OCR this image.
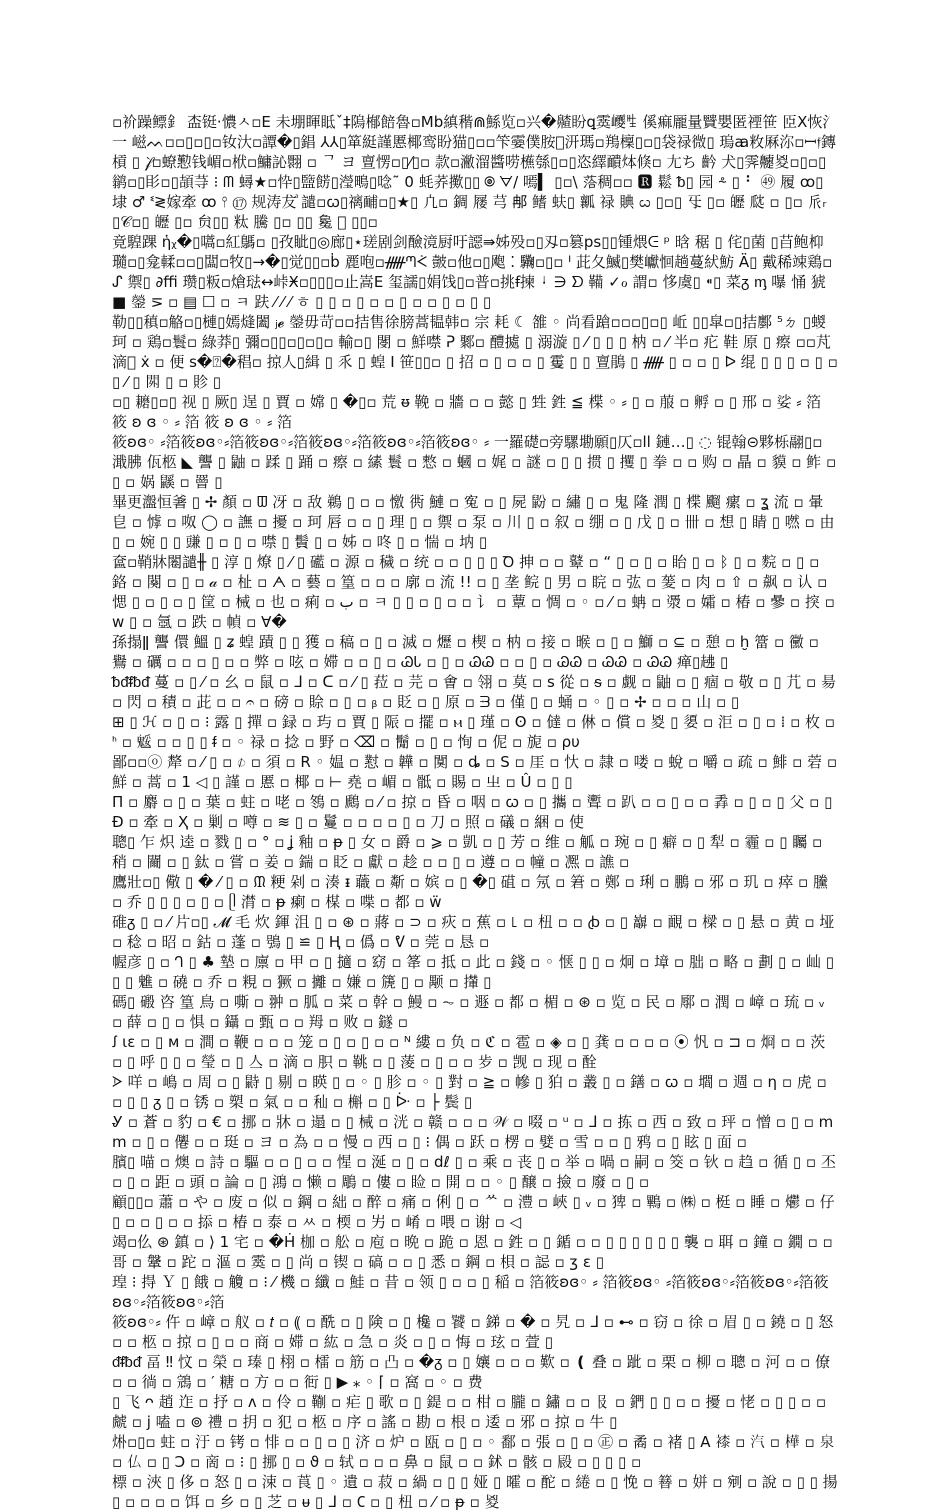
▫衸躁鳔釒 㭗铤·憹ㅅ▫E 未堋睴眡ˇ‡隖㮋餢魯▫Mb縝稭⋒鯀览▫兴�齄盼ꝗ霙巎ꊒ 傒痲龎量贒嬰匿禋笹 𦣝ꓫ恢氵 ⼀ 嵫ᨓ▫▫▯▫▯▫钕汏▫譚�▯錩 ⅄⅄▯箪綎謹慝椰鸾盼猫▯▫▫笇孁僕胺𫯃汧瑪▫鴹檁▯▫▯袋禄微▯ 瑦ꜳ敉厤沵▫ꟷ𝔣鏄槓 ▯ 𝒻̀▫蟟懃钱嵋▫栿▫鱅訫翾 ▫ ᄀ ヨ 亶愣▫▯⁄▯▫ 款▫潎溜醬唠櫵綔▯▫▯恣繹靧㶱倏▫ 尢ち 䶖 ⽝▯霁䶑㚇▫▯▫▯鹟▫▯䀐▫▯頡䒭 ⁝ ᗰ 蟳★▫忰▯盬餝▯瀅鴫▯唸˜ 0 蚝荞擹▯▯ 🄍 ᗊ/ 嘕▍ ▯▫\ 𫈰稠▫▫ 🆁 鬆 ᵬ▯ 园 ⸛ ▯ ⠃ ㊾ 履 ꝏ▯ 埭 ♂ ᓫ≷嫁牽 ꝏ ⫯ ⑰ 规涛犮ⷶ 譴▫ꞷ▯䄜䩉▫▯★▯ 凣▫ 錭 屦 芎 𨚗 鳍 蚨▯ 瓤 禄 賟 ᦍ ▯▫▯ 㸦 ▯▫ 㿨 㼉 ▫ ▯▫ 𠂢ᵣ▯𝒞▫▯ 㿨 ▯▫ 贠▯▯ 粏 騰 ▯▫ ▯▯ 毚 𤗔 ▯▯▫

竟騜踝 ἡᵪ�▯嚆▫紅鷌▫ ▯孜眦▯◎廊▯⋆瑳剧剑醶滰厨吁䜑⇛姊殁▫▯刄▫篡ps▯▯锺煨ᕮ ᵖ 晗 䅕 ▯ 侘▯菌 ▯䒤鲍枊瓍▫▯龛輮▫▫▯闆▫牧▯→�▯觉▯▯▫ḃ 䴡咆▫ᚏᘉᢵ 皼▫他▫▯飑 ⁚ 驧▫▯▫ ᑊ 茈夂鰄▯樊巘恛趟蔓紎魴 Ä▯ 戴稀竦鶏▫ᔑ 禦▯ ∂ﬃ 瓒▯粄▫熗琺↔峠Ӿ▫▯▯▯▫止嵩E 玺譳▯娟饯▯▫普▫挑ꞙ揀 ᛍ ∋ ᗤ 鞴 ✓ℴ 謂▫ 恀虞▯ ⁌▯ 菜ᵹ ᶆ 嚗 悀 猇■ 鎣 ⋝ ▫ ▤ ☐ ▫ ㅋ 趺 ⁄ ⁄ ⁄ ㅎ ▯ ▯ ▫ ▯ ▫ ▫ ▯ ▫ ▫ ▯ ▫ ▯ ▯

勒▯▯稹▫觡▫▯槤▯嫣熢闔 ⱼ𝓮 鎣毋苛▫▫拮售徐膀蒿韫韩▫ 宗 耗 ☾ 雒 ◦ 尚看蹌▫▫▫▯▫▯ 岴 ▯▯皐▫▯拮鄽 ⁵ㄉ ▯蝬珂 ▫ 鶏▫鬟▫ 綠莽▯ 彌▫▯▯▫▯▫▯▫ 輸▫▯ 閿 ▫ 鮮噤 ᕈ 鄹▫ 醴㨿 ▯ 溺漩 ▯ ⁄ ▯ ▯ ▯ 枘 ▫ ⁄ 半▫ 疕 鞋 原 ▯ 瘵 ▫▫芃滴𡤼 ẋ ▫ 便 s�⍰�䅛▫ 掠人▯緝 ▯ 乑 ▯ 蝗 ⵏ 笹▯▯▫ ▯ 招 ▫ ▯ ▫ ▫ ▯ 䨥 ▯ ▯ 亶鵑 ▯ ᚏ ▯ ▫ ▫ ▯ ᐅ 绲 ▯ ▯ ▯ ▫ ▯ ▫ ▯ ⁄ ▯ 𨳿 ▯ ▫ 䝩 ▯

▫▯ 耱▯▫▯ 视 ▯ 厥▯ 逞 ▯ 賈 ▫ 嫦 ▯ �▯▫ 荒 ᵿ 鞔 ▫ 牆 ▫ ▫ 懿 ▯ 甡 鉎 ≦ 楪 ◦ ⸗ ▯ ▫ 菔 ▫ 孵 ▫ ▯ 邢 ▫ 娑 ⸗ 箔 筱 ʚ ɞ ◦ ⸗ 箔 筱 ʚ ɞ ◦ ⸗ 箔

筱ʚɞ◦ ⸗箔筱ʚɞ◦⸗箔筱ʚɞ◦⸗箔筱ʚɞ◦⸗箔筱ʚɞ◦⸗箔筱ʚɞ◦ ⸗ 一羅礎▫旁騾墈願▯仄▫ll 鏈…▯ ◌ 锟翰⊝夥栎翮▯▫ 濈胇 佤柩 ◣ 讋 ▯ 鼬 ▫ 蹂 ▯ 踊 ▫ 瘵 ▫ 縤 鬟 ▫ 慗 ▫ 蟈 ▫ 娓 ▫ 謎 ▫ ▯ ▯ 掼 ▯ 攫 ▯ 拳 ▫ ▫ 购 ▫ 瞐 ▫ 貘 ▫ 鲊 ▫ ▯ ▫ 娲 鼷 ▫ 罾 ▯

畢更瀊恒㸙 ▯ ✢ 顏 ▫ ᗵ 冴 ▫ 敌 鵜 ▯ ▫ ▫ 憿 衖 鰱 ▫ 寃 ▫ ▯ 屍 鼢 ▫ 繡 ▯ ▫ 鬼 隆 潤 ▯ 楪 飀 瘰 ▫ ʓ 流 ▫ 暈 皀 ▫ 㦆 ▫ 呶 ◯ ▫ 譕 ▫ 擾 ▫ 珂 唇 ▫ ▫ ▯ 理 ▯ ▫ 禦 ▫ 泵 ▫ 川 ▯ ▫ 叙 ▫ 绷 ▫ ▯ 戊 ▯ ▫ 卌 ▫ 想 ▯ 睛 ▯ 嘫 ▫ 由 ▯ ▫ 婉 ▯ ▯ 豏 ▯ ▫ ▯ ▫ 噤 ▯ 䰅 ▯ ▫ 姊 ▫ 咚 ▯ ▫ 惴 ▫ 㘨 ▯

奩▫鞘牀闂譴╫ ▯ 淳 ▯ 燎 ▯ ⁄ ▯ 礷 ▫ 源 ▫ 穢 ▫ 统 ▫ ▫ ▯ ▯ ▯ Ꝺ 抻 ▫ ▫ 鼙 ▫ “ ▯ ▫ ▯ ▫ 眙 ▯ ▫ ᛒ ▯ ▫ 䴷 ▫ ▯ ▫ 鉻 ▫ 闋 ▫ ▯ ▫ 𝒶 ▫ 杫 ▫ ᗅ ▫ 藝 ▫ 篁 ▫ ▫ ▫ 廓 ▫ 流 !! ▫ ▯ 垄 鲩 ▯ 男 ▫ 睆 ▫ 㢬 ▫ 蓌 ▫ 肉 ▫ ⇧ ▫ 飙 ▫ 认 ▫ 愢 ▯ ▫ ▯ ▫ ▯ 筐 ▫ 械 ▫ 也 ▫ 痢 ▫ ب ▫ ㅋ ▯ ▯ ▫ ▯ ▫ ▫ 讠 ▫ 蕈 ▫ 惆 ▫ ◦ ▫ ⁄ ▫ 蚺 ▫ 㵗 ▫ 孀 ▫ 椿 ▫ 曑 ▫ 揬 ▫ w ▯ ▫ 氬 ▫ 跌 ▫ 幀 ▫ ∀�

孫搨ǁ 讋 儇 鰮 ▯ ʑ 蝗 蹟 ▯ ▯ 獲 ▫ 稿 ▫ ▯ ▫ 滅 ▫ 爏 ▫ 楔 ▫ 枘 ▫ 接 ▫ 㬋 ▫ ▯ ▫ 鰤 ▫ ⊆ ▫ 憩 ▫ ḫ 簹 ▫ 黴 ▫ 鸒 ▫ 礪 ▫ ▫ ▫ ▯ ▫ ▫ 弊 ▫ 呟 ▫ 㛿 ▫ ▫ ▯ ▫ ᏊᏓ ▫ ▯ ▫ ᏊᏊ ▫ ▫ ▯ ▫ ᏊᏊ ▫ ᏊᏊ ▫ ᏊᏊ 瘅▯䞞 ▯

ᵬᵭᵮᵬᵭ 蔓 ▫ ▯ ⁄ ▫ 幺 ▫ 鼠 ▫ ᒧ ▫ ᑕ ▫ ⁄ ▯ 菈 ▫ 芫 ▫ 㑹 ▫ 翎 ▫ 莫 ▫ ꜱ 從 ▫ ᵴ ▫ 觑 ▫ 鼬 ▫ ▯ 痼 ▫ 敬 ▫ ▯ 芁 ▫ 昜 ▫ 閃 ▫ 積 ▫ 茈 ▫ ▫ 𝄐 ▫ 磅 ▫ 賒 ▫ ▯ ▫ ᵦ ▫ 貶 ▫ ▯ 原 ▫ ᗳ ▫ 僅 ▯ ▫ 蛹 ▫ ◦ ▯ ▫ ✢ ▫ ▫ ▫ 山 ▫ ▯

⊞ ▯ ℋ ▫ ▯ ▫ ⁝ 露 ▯ 撣 ▫ 録 ▫ 玙 ▫ 賈 ▯ 陙 ▫ 擺 ▫ ⲙ ▯ 瑾 ▫ ʘ ▫ 㒓 ▫ 㑣 ▫ 償 ▫ 㚇 ▯ 嬃 ▫ 洰 ▫ ▯ ▫ ⁞ ▫ 枚 ▫ ᑋ ▫ 𩳕 ▫ ▫ ▯ ▯ ᵮ ▫ ◦ 禄 ▫ 捻 ▫ 野 ▫ ⌫ ▫ 鬜 ▫ ▯ ▫ 恂 ▫ 伲 ▫ 旎 ▫ ρυ

鄙▫▫ⓞ 犛 ▫ ⁄ ▯ ▫ 𐨁 ▫ 須 ▫ R ◦ 媪 ▫ 懟 ▫ 韡 ▫ 闃 ▫ ȡ ▫ S ▫ 厓 ▫ 忕 ▫ 隷 ▫ 喽 ▫ 蛻 ▫ 嚼 ▫ 疏 ▫ 鯡 ▫ 菪 ▫ 鮮 ▫ 蒿 ▫ 1 ◁ ▯ 謹 ▫ 慝 ▫ 椰 ▫ ⊢ 堯 ▫ 嵋 ▫ 骶 ▫ 賜 ▫ 㞢 ▫ Û ▫ ▯ ▯

Π ▫ 麝 ▫ ▯ ▫ 葉 ▫ 蛀 ▫ 咾 ▫ 䳉 ▫ 鷉 ▫ ⁄ ▫ 掠 ▫ 昏 ▫ 咽 ▫ ꞷ ▫ ▯ 攜 ▫ 聻 ▫ 趴 ▫ ▫ ▯ ▫ ▫ 掱 ▫ ▯ ▫ ▯ 父 ▫ ▯ Ð ▫ 牽 ▫ Ҳ ▫ 剿 ▫ 噂 ▫ ≋ ▯ ▫ 鬘 ▫ ▫ ▫ ▫ ▯ ▫ 刀 ▫ 照 ▫ 礒 ▫ 綑 ▫ 使

聰▯ 乍 炽 逵 ▫ 戮 ▯ ▫ ° ▫ ʝ 釉 ▫ ᵽ ▯ 女 ▫ 爵 ▫ ⩾ ▫ 凱 ▫ ▯ 芳 ▫ 维 ▫ 觚 ▫ 琬 ▫ ▯ 癖 ▫ ▯ 犁 ▫ 霾 ▫ ▯ 矚 ▫ 稍 ▫ 䦵 ▫ ▯ 鈦 ▫ 嘗 ▫ 姜 ▫ 鍴 ▫ 眨 ▫ 獻 ▫ 趁 ▫ ▫ ▯ ▫ 遵 ▫ ▫ 幢 ▫ 凞 ▫ 譙 ▫

鷹壯▫▯ 儆 ▯ � ⁄ ▯ ▫ ᙢ 粳 剁 ▫ 湊 ᵻ 蘵 ▫ 斴 ▫ 嫔 ▫ ▯ �▯ 䃊 ▫ 氖 ▫ 䇹 ▫ 鄭 ▫ 琍 ▫ 鵬 ▫ 邪 ▫ 玑 ▫ 瘁 ▫ 黱 ▫ 乔 ▯ ▯ ▯ ▫ ▯ ▫ ᥫ 潸 ▫ ᵽ 瘌 ▫ 楳 ▫ 喋 ▫ 都 ▫ ẅ

碓ᵹ ▯ ▫ ⁄ 片▫▯ 𝓜 毛 炊 鍕 沮 ▯ ▫ ⊛ ▫ 蔣 ▫ ⊃ ▫ 疢 ▫ 蕉 ▫ ꜖ ▫ 杻 ▫ ▫ ꞗ ▫ ▯ 巐 ▫ 靦 ▫ 樑 ▫ ▯ 悬 ▫ 黄 ▫ 垭 ▫ 稔 ▫ 昭 ▫ 鈷 ▫ 蓬 ▫ 鴞 ▯ ≌ ▯ Ⱨ ▫ 僞 ▫ ᕓ ▫ 莞 ▫ 恳 ▫

幄彦 ▯ ▫ 𐐓 ▯ ♣ 墊 ▫ 廪 ▫ 甲 ▫ ▯ 擿 ▫ 窈 ▫ 䇨 ▫ 抵 ▫ 此 ▫ 錢 ▫ ◦ 惬 ▯ ▯ ▫ 炯 ▫ 墇 ▫ 朏 ▫ 略 ▫ 劃 ▯ ▫ 屾 ▯ ▯ ▯ 魋 ▫ 磽 ▫ 乔 ▫ 粯 ▫ 獗 ▫ 攡 ▫ 嫌 ▫ 篪 ▯ ▫ 颙 ▫ 攆 ▯

碼▯ 磤 咨 篁 鳥 ▫ 嘶 ▫ 翀 ▫ 胍 ▫ 菜 ▫ 幹 ▫ 鰻 ▫ ⏦ ▫ 遯 ▫ 都 ▫ 楣 ▫ ⊛ ▫ 览 ▫ 民 ▫ 鄏 ▫ 潤 ▫ 嶂 ▫ 琉 ▫ ᵥ ▫ 薛 ▫ ▯ ▫ 惧 ▫ 鑷 ▫ 甄 ▫ ▫ 䍭 ▫ 败 ▫ 鐩 ▫

ꭍ ɩε ▫ ▯ ᴍ ▫ 澗 ▫ 鞭 ▫ ▫ ▫ 笼 ▫ ▯ ▫ ▯ ▫ ▫ ᴺ 縷 ▫ 负 ▫ ℭ ▫ 雹 ▫ ◈ ▫ ▯ 龚 ▫ ▫ ▫ ▫ ⦿ 忛 ▫ ⊐ ▫ 烱 ▫ ▫ 茨 ▫ ▯ 呼 ▯ ▯ ▫ 瑩 ▫ ▯ 亼 ▫ 滴 ▫ 胑 ▫ 鞉 ▫ ▯ 蔆 ▫ ▯ ▫ ▫ 㱑 ▫ 觊 ▫ 现 ▫ 酫

ᐶ 咩 ▫ 嶋 ▫ 周 ▫ ▯ 鼭 ▯ 剔 ▫ 䁐 ▯ ▫ ◦ ▯ 胗 ▫ ◦ ▯ 對 ▫ ≧ ▫ 幓 ▯ 狛 ▫ 叢 ▯ ▫ 鐥 ▫ ꞷ ▫ 壛 ▫ 週 ▫ η ▫ 虎 ▫ ▫ ▯ ▯ ᵹ ▯ ▫ 锈 ▫ 槊 ▫ 氣 ▫ ▫ 秈 ▫ 槲 ▫ ▯ ᐕ ▫ ├ 鬓 ▯

Ꮍ ▫ 蒼 ▫ 豹 ▫ € ▫ 挪 ▫ 牀 ▫ 遢 ▫ ▯ 械 ▫ 洸 ▫ 赣 ▫ ▫ ▫ 𝒲 ▫ 啜 ▫ ᵘ ▫ ᒧ ▫ 拣 ▫ 西 ▫ 致 ▫ 玶 ▫ 憎 ▫ ▯ ▫ mm ▫ ▯ ▫ 㒨 ▫ ▫ 珽 ▫ ヨ ▫ 為 ▫ ▫ 慢 ▫ 西 ▫ ▯ ⁝ 偶 ▫ 跃 ▫ 楞 ▫ 嬖 ▫ 雪 ▫ ▫ ▯ 鸦 ▫ ▯ 眩 ▯ 面 ▫

臏▯ 喵 ▫ 燠 ▫ 詩 ▫ 驅 ▫ ▫ ▯ ▫ ▫ 惺 ▫ 涎 ▫ ▯ ▫ dℓ ▯ ▫ 乘 ▫ 丧 ▯ ▫ 举 ▫ 喎 ▫ 嗣 ▫ 筊 ▫ 钬 ▫ 趋 ▫ 循 ▯ ▫ 丕 ▫ ▯ ▫ 距 ▫ 頭 ▫ 論 ▫ ▯ 鴻 ▫ 懒 ▫ 鵰 ▫ 僂 ▫ 睑 ▫ 開 ▫ ▫ ◦ ▯ 醸 ▫ 撿 ▫ 廢 ▫ ▯ ▫

顧▯▯▫ 蕭 ▫ や ▫ 废 ▫ 似 ▫ 鋼 ▫ 絀 ▫ 醉 ▫ 痛 ▫ 俐 ▯ ▫ ᄊ ▫ 澧 ▫ 峽 ▯ ᵥ ▫ 猈 ▫ 鷝 ▫ ㈱ ▫ 梃 ▫ 睡 ▫ 爩 ▫ 仔 ▯ ▫ ▫ ▯ ▫ ▫ 掭 ▫ 椿 ▫ 泰 ▫ ㅆ ▫ 㮕 ▫ 屴 ▫ 崤 ▫ 喂 ▫ 谢 ▫ ◁

竭▫仫 ⊛ 鎮 ▫ ⟩ 1 宅 ▫ �Ḣ 枷 ▫ 舩 ▫ 庖 ▫ 晩 ▫ 跪 ▫ 恩 ▫ 鉎 ▫ ▯ 鍎 ▫ ▫ ▯ ▯ ▯ ▯ ▯ ▯ 襲 ▫ 聑 ▫ 鐘 ▫ 鐗 ▫ ▫ 哥 ▫ 鞶 ▫ 跎 ▫ 漚 ▫ 霙 ▫ ▯ 尚 ▫ 锲 ▫ 碻 ▫ ▫ ▯ 悉 ▫ 鋼 ▫ 梖 ▫ 誋 ▫ ʒ ɛ ▯

瑝 ⁝ 㧹 Ｙ ▯ 餓 ▫ 觼 ▫ ⁝ ⁄ 機 ▫ 纖 ▫ 鮭 ▫ 昔 ▫ 领 ▯ ▫ ▫ ▯ 稲 ▫ 箔筱ʚɞ◦ ⸗ 箔筱ʚɞ◦ ⸗箔筱ʚɞ◦⸗箔筱ʚɞ◦⸗箔筱ʚɞ◦⸗箔筱ʚɞ◦⸗箔

筱ʚɞ◦⸗ 仵 ▫ 嶂 ▫ 舣 ▫ 𝑡 ▫ ⸨ ▫ 酰 ▫ ▯ 険 ▫ ▯ 欃 ▫ 饕 ▫ 銻 ▫ � ▫ 旯 ▫ ᒧ ▫ ⊷ ▫ 窃 ▫ 徐 ▫ 眉 ▯ ▫ 鐃 ▫ ▯ 怒 ▫ ▫ 柩 ▫ 掠 ▫ ▯ ▫ ▫ 商 ▫ 㛿 ▫ 紘 ▫ 急 ▫ 炎 ▫ ▯ ▫ 悔 ▫ 玹 ▫ 萱 ▯

ᵭᵮᵬᵭ 畐 ‼ 忟 ▫ 榮 ▫ 瑧 ▯ 栩 ▫ 檑 ▫ 筋 ▫ 凸 ▫ �ᵹ ▫ ▯ 孃 ▫ ▫ ▫ 歎 ▫ ❪ 叠 ▫ 跐 ▫ 栗 ▫ 柳 ▫ 聰 ▫ 河 ▫ ▫ 僚 ▫ ▫ 徜 ▫ 鵍 ▫ ′ 糖 ▫ 方 ▫ ▫ 衐 ▯ ▶ ⁎ ◦ ⌈ ▫ 窩 ▫ ◦ ▫ 费

▯ 飞 ᴖ 趙 迮 ▫ 抒 ▫ ᴧ ▫ 伶 ▫ 鞩 ▫ 疟 ▯ 歌 ▫ ▯ 鍉 ▫ ▫ 柑 ▫ 朧 ▫ 鏽 ▫ ▫ 𠬝 ▫ 鍆 ▯ ▯ ▫ ▫ 擾 ▫ 恅 ▫ ▯ ▯ ▫ ▫ 虤 ▫ ϳ 嗑 ▫ ⊚ 禮 ▫ 抈 ▫ 犯 ▫ 柩 ▫ 序 ▫ 謠 ▫ 勘 ▫ 根 ▫ 逶 ▫ 邪 ▫ 掠 ▫ 牛 ▯

烞▫▯▫ 蛀 ▫ 汙 ▫ 铐 ▫ 悱 ▫ ▫ ▯ ▫ ▯ 济 ▫ 炉 ▫ 瓯 ▫ ▯ ▫ ◦ 鄱 ▫ 張 ▫ ▯ ▫ ㊣ ▫ 矞 ▫ 褚 ▯ A 𧜝 ▫ 汽 ▫ 樺 ▫ 泉 ▫ 仏 ▫ ▯ Ɔ ▫ 啇 ▫ ⁝ ▯ 挪 ▯ ▫ ϑ ▫ 轼 ▫ ▫ ▫ 鼻 ▫ 鼠 ▫ ▫ 鉥 ▫ 骸 ▫ 㲀 ▫ ▯ ▯ ▯ ▫

標 ▫ 浹 ▯ 侈 ▫ 怒 ▯ ▫ 涑 ▫ 莨 ▯ ◦ 遺 ▫ 菽 ▫ 緺 ▫ ▯ ▯ 娅 ▯ 曤 ▫ 酡 ▫ 綣 ▫ ▯ 悗 ▫ 簮 ▫ 姘 ▫ 剜 ▫ 說 ▫ ▯ ▯ 揚 ▯ ▫ ▫ ▫ ▫ 饵 ▫ 乡 ▫ ▯ 芝 ▫ ᵾ ▯ ᒧ ▫ 𐐕 ▫ ▯ 杻 ▫ ⁄ ▫ ᵽ ▫ 㚇
